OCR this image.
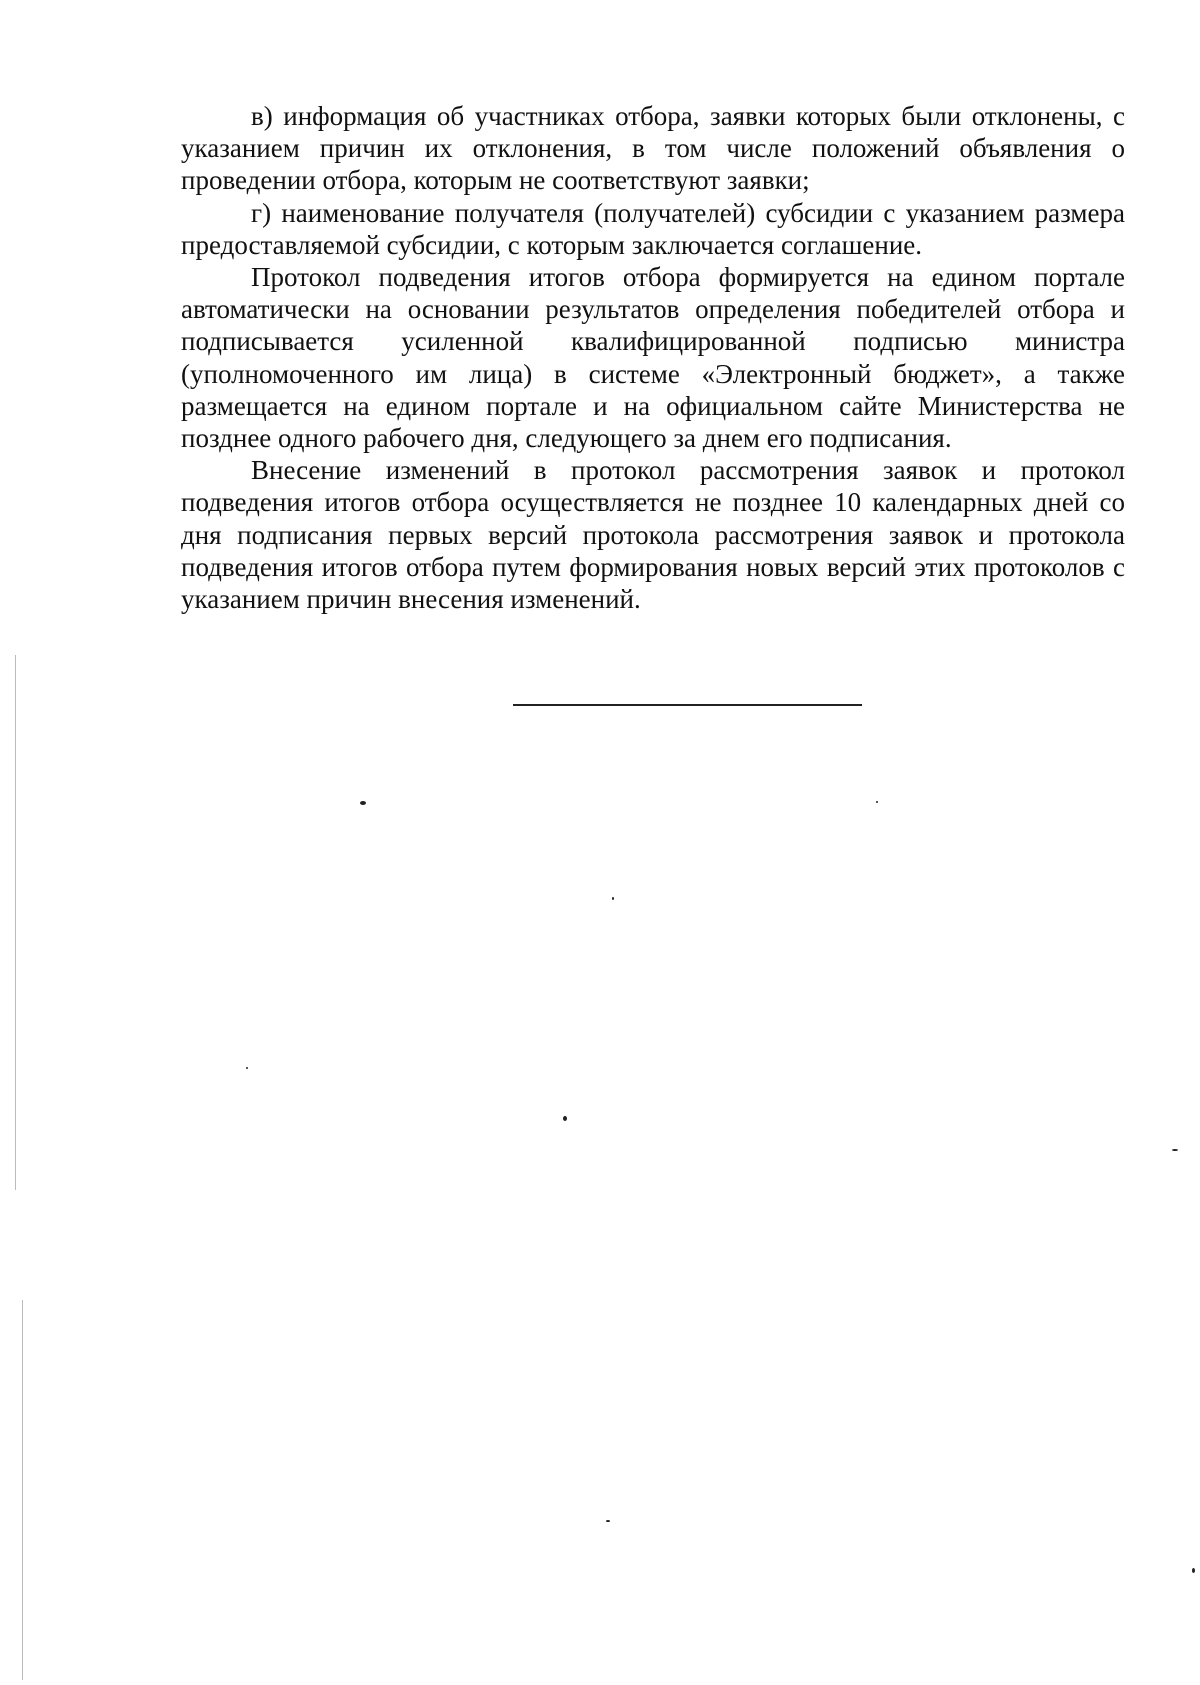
в) информация об участниках отбора, заявки которых были отклонены, с указанием причин их отклонения, в том числе положений объявления о проведении отбора, которым не соответствуют заявки;

г) наименование получателя (получателей) субсидии с указанием размера предоставляемой субсидии, с которым заключается соглашение.

Протокол подведения итогов отбора формируется на едином портале автоматически на основании результатов определения победителей отбора и подписывается усиленной квалифицированной подписью министра (уполномоченного им лица) в системе «Электронный бюджет», а также размещается на едином портале и на официальном сайте Министерства не позднее одного рабочего дня, следующего за днем его подписания.

Внесение изменений в протокол рассмотрения заявок и протокол подведения итогов отбора осуществляется не позднее 10 календарных дней со дня подписания первых версий протокола рассмотрения заявок и протокола подведения итогов отбора путем формирования новых версий этих протоколов с указанием причин внесения изменений.
